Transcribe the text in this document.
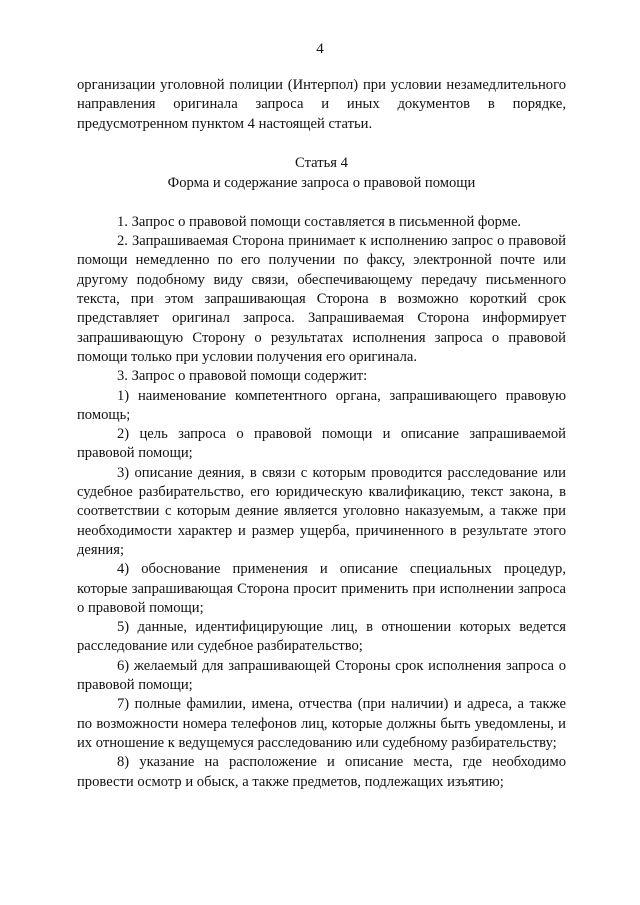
4

организации уголовной полиции (Интерпол) при условии незамедлительного направления оригинала запроса и иных документов в порядке, предусмотренном пунктом 4 настоящей статьи.

Статья 4
Форма и содержание запроса о правовой помощи

1. Запрос о правовой помощи составляется в письменной форме.

2. Запрашиваемая Сторона принимает к исполнению запрос о правовой помощи немедленно по его получении по факсу, электронной почте или другому подобному виду связи, обеспечивающему передачу письменного текста, при этом запрашивающая Сторона в возможно короткий срок представляет оригинал запроса. Запрашиваемая Сторона информирует запрашивающую Сторону о результатах исполнения запроса о правовой помощи только при условии получения его оригинала.

3. Запрос о правовой помощи содержит:

1) наименование компетентного органа, запрашивающего правовую помощь;

2) цель запроса о правовой помощи и описание запрашиваемой правовой помощи;

3) описание деяния, в связи с которым проводится расследование или судебное разбирательство, его юридическую квалификацию, текст закона, в соответствии с которым деяние является уголовно наказуемым, а также при необходимости характер и размер ущерба, причиненного в результате этого деяния;

4) обоснование применения и описание специальных процедур, которые запрашивающая Сторона просит применить при исполнении запроса о правовой помощи;

5) данные, идентифицирующие лиц, в отношении которых ведется расследование или судебное разбирательство;

6) желаемый для запрашивающей Стороны срок исполнения запроса о правовой помощи;

7) полные фамилии, имена, отчества (при наличии) и адреса, а также по возможности номера телефонов лиц, которые должны быть уведомлены, и их отношение к ведущемуся расследованию или судебному разбирательству;

8) указание на расположение и описание места, где необходимо провести осмотр и обыск, а также предметов, подлежащих изъятию;
